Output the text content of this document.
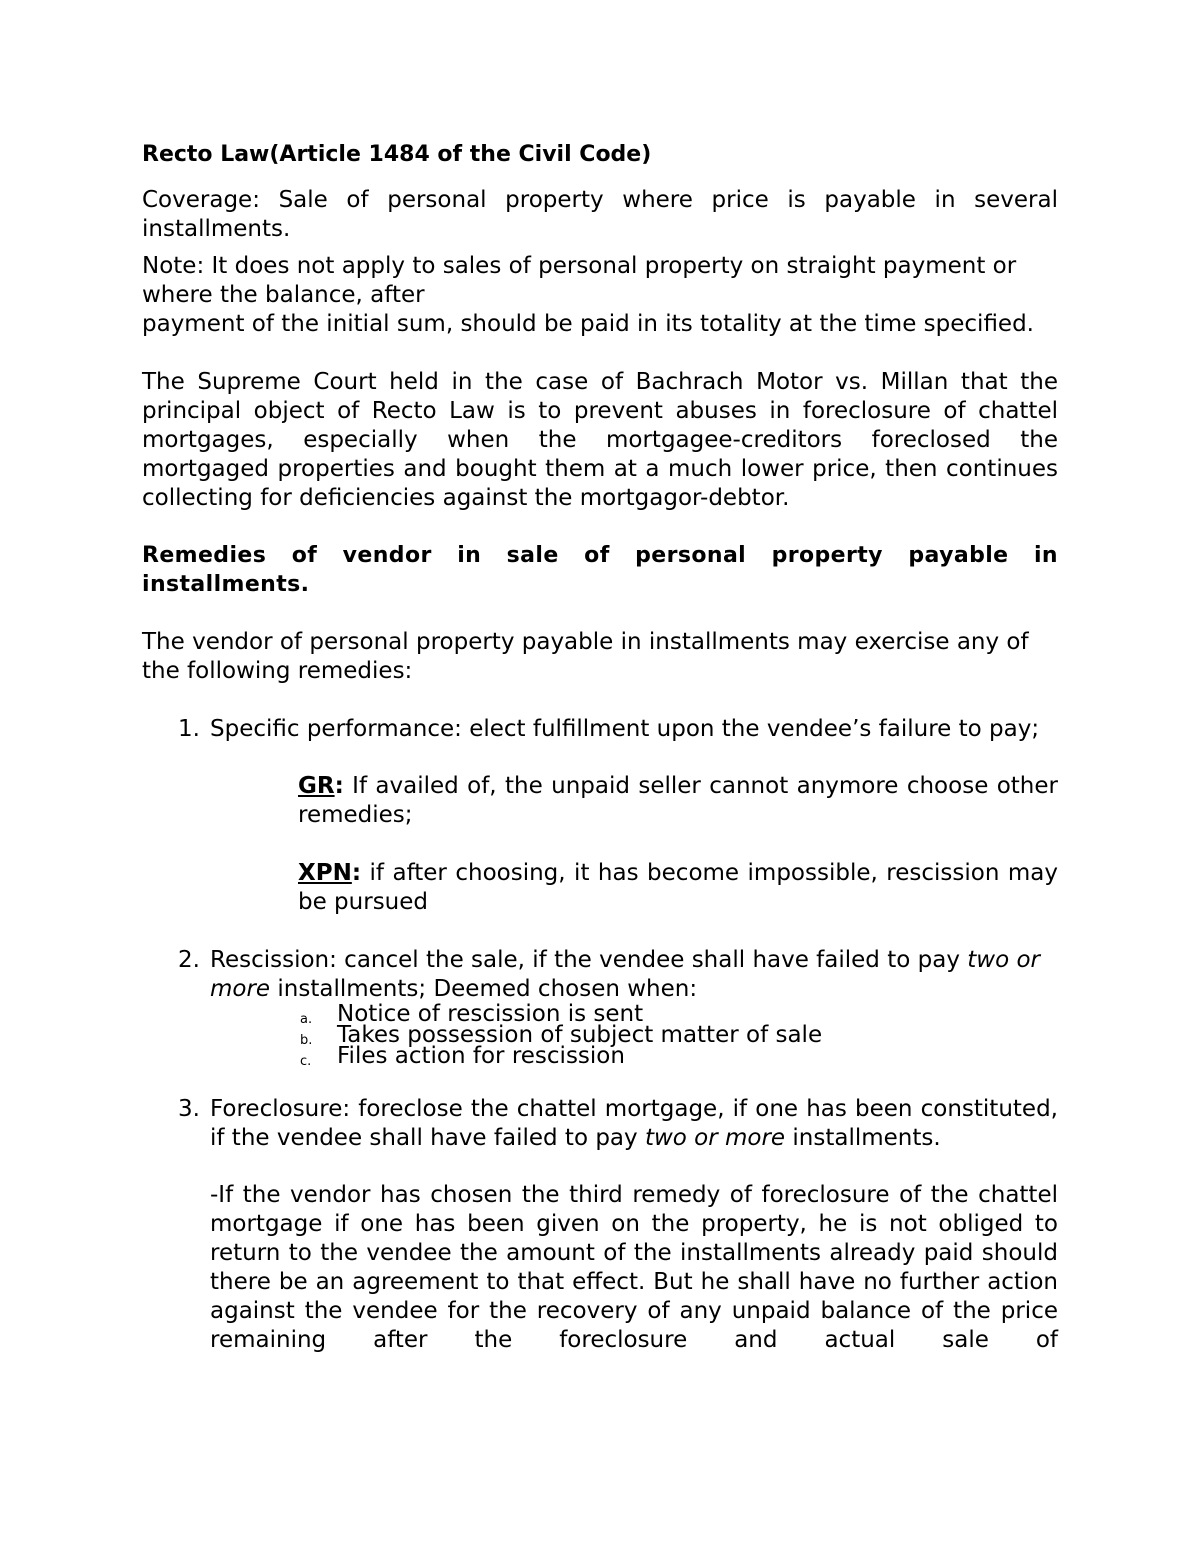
Recto Law(Article 1484 of the Civil Code)

Coverage: Sale of personal property where price is payable in several installments.

Note: It does not apply to sales of personal property on straight payment or where the balance, after

payment of the initial sum, should be paid in its totality at the time specified.

The Supreme Court held in the case of Bachrach Motor vs. Millan that the principal object of Recto Law is to prevent abuses in foreclosure of chattel mortgages, especially when the mortgagee-creditors foreclosed the mortgaged properties and bought them at a much lower price, then continues collecting for deficiencies against the mortgagor-debtor.

Remedies of vendor in sale of personal property payable in installments.

The vendor of personal property payable in installments may exercise any of the following remedies:

1. Specific performance: elect fulfillment upon the vendee’s failure to pay;
GR: If availed of, the unpaid seller cannot anymore choose other remedies;
XPN: if after choosing, it has become impossible, rescission may be pursued
2. Rescission: cancel the sale, if the vendee shall have failed to pay two or more installments; Deemed chosen when:
a. Notice of rescission is sent
b. Takes possession of subject matter of sale
c. Files action for rescission
3. Foreclosure: foreclose the chattel mortgage, if one has been constituted, if the vendee shall have failed to pay two or more installments.
-If the vendor has chosen the third remedy of foreclosure of the chattel mortgage if one has been given on the property, he is not obliged to return to the vendee the amount of the installments already paid should there be an agreement to that effect. But he shall have no further action against the vendee for the recovery of any unpaid balance of the price remaining after the foreclosure and actual sale of
